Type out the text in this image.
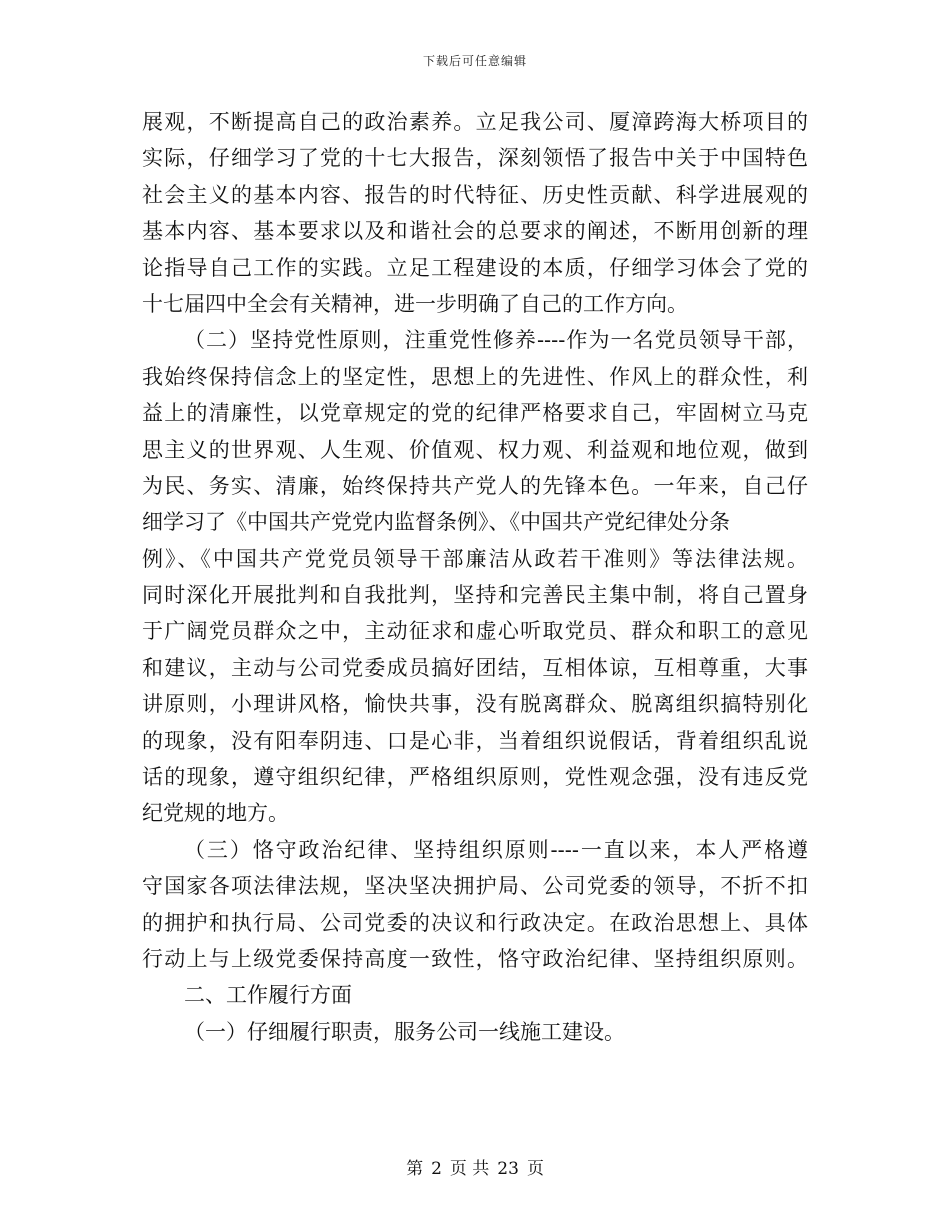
下载后可任意编辑
展观，不断提高自己的政治素养。立足我公司、厦漳跨海大桥项目的
实际，仔细学习了党的十七大报告，深刻领悟了报告中关于中国特色
社会主义的基本内容、报告的时代特征、历史性贡献、科学进展观的
基本内容、基本要求以及和谐社会的总要求的阐述，不断用创新的理
论指导自己工作的实践。立足工程建设的本质，仔细学习体会了党的
十七届四中全会有关精神，进一步明确了自己的工作方向。
（二）坚持党性原则，注重党性修养----作为一名党员领导干部，
我始终保持信念上的坚定性，思想上的先进性、作风上的群众性，利
益上的清廉性，以党章规定的党的纪律严格要求自己，牢固树立马克
思主义的世界观、人生观、价值观、权力观、利益观和地位观，做到
为民、务实、清廉，始终保持共产党人的先锋本色。一年来，自己仔
细学习了《中国共产党党内监督条例》、《中国共产党纪律处分条
例》、《中国共产党党员领导干部廉洁从政若干准则》等法律法规。
同时深化开展批判和自我批判，坚持和完善民主集中制，将自己置身
于广阔党员群众之中，主动征求和虚心听取党员、群众和职工的意见
和建议，主动与公司党委成员搞好团结，互相体谅，互相尊重，大事
讲原则，小理讲风格，愉快共事，没有脱离群众、脱离组织搞特别化
的现象，没有阳奉阴违、口是心非，当着组织说假话，背着组织乱说
话的现象，遵守组织纪律，严格组织原则，党性观念强，没有违反党
纪党规的地方。
（三）恪守政治纪律、坚持组织原则----一直以来，本人严格遵
守国家各项法律法规，坚决坚决拥护局、公司党委的领导，不折不扣
的拥护和执行局、公司党委的决议和行政决定。在政治思想上、具体
行动上与上级党委保持高度一致性，恪守政治纪律、坚持组织原则。
二、工作履行方面
（一）仔细履行职责，服务公司一线施工建设。
第 2 页 共 23 页
